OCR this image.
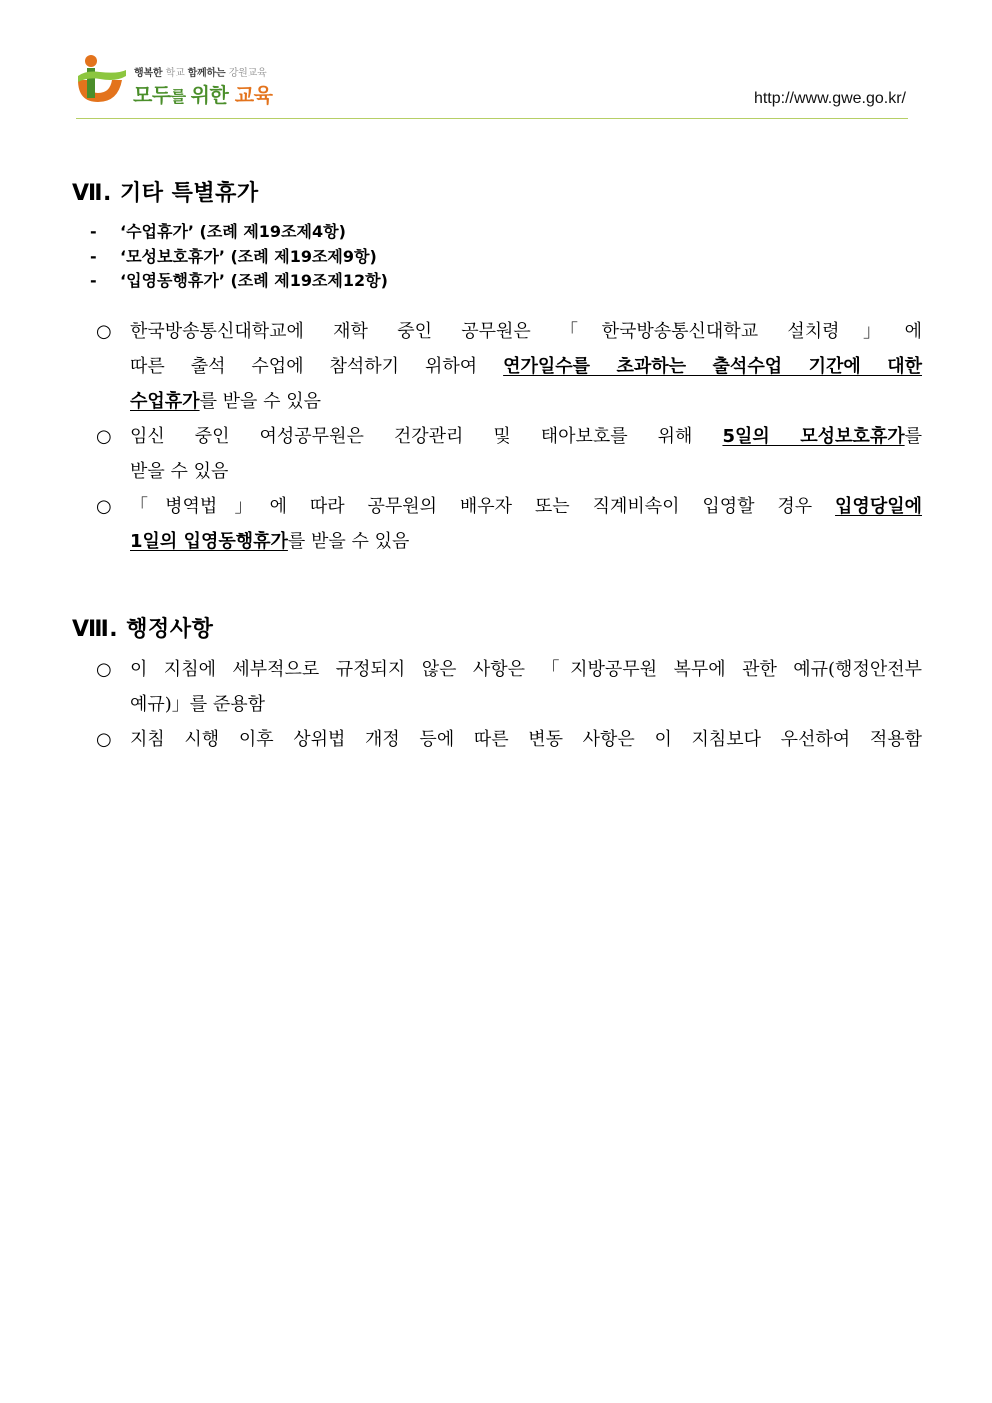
행복한 학교 함께하는 강원교육
모두를 위한 교육	http://www.gwe.go.kr/
Ⅶ. 기타 특별휴가
- ‘수업휴가’ (조례 제19조제4항)
- ‘모성보호휴가’ (조례 제19조제9항)
- ‘입영동행휴가’ (조례 제19조제12항)
○ 한국방송통신대학교에 재학 중인 공무원은 「한국방송통신대학교 설치령」에
따른 출석 수업에 참석하기 위하여 연가일수를 초과하는 출석수업 기간에 대한
수업휴가를 받을 수 있음
○ 임신 중인 여성공무원은 건강관리 및 태아보호를 위해 5일의 모성보호휴가를
받을 수 있음
○ 「병역법」에 따라 공무원의 배우자 또는 직계비속이 입영할 경우 입영당일에
1일의 입영동행휴가를 받을 수 있음
Ⅷ. 행정사항
○ 이 지침에 세부적으로 규정되지 않은 사항은 「지방공무원 복무에 관한 예규(행정안전부
예규)」를 준용함
○ 지침 시행 이후 상위법 개정 등에 따른 변동 사항은 이 지침보다 우선하여 적용함
